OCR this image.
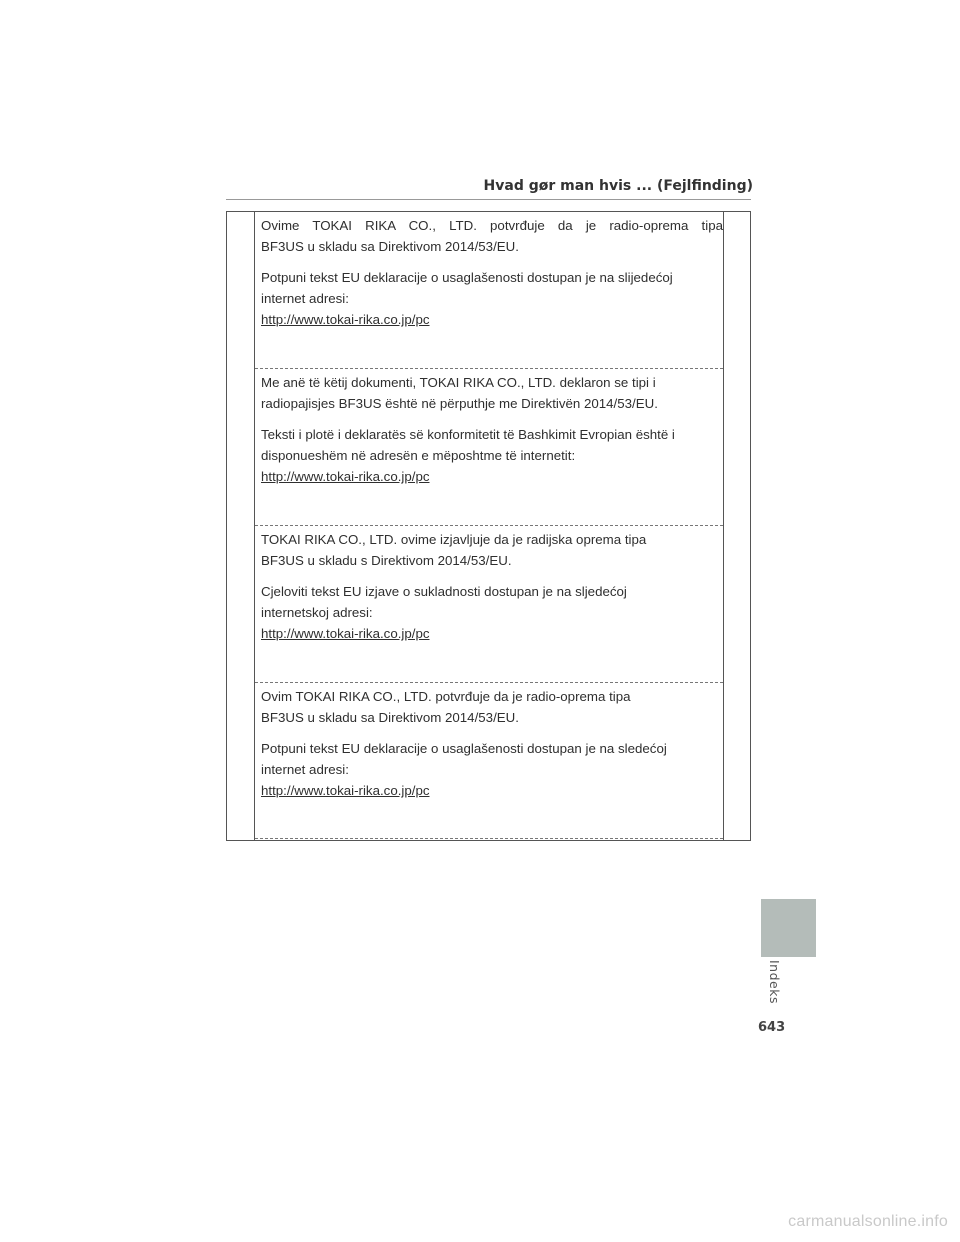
Hvad gør man hvis ... (Fejlfinding)

Ovime TOKAI RIKA CO., LTD. potvrđuje da je radio-oprema tipa
BF3US u skladu sa Direktivom 2014/53/EU.

Potpuni tekst EU deklaracije o usaglašenosti dostupan je na slijedećoj
internet adresi:
http://www.tokai-rika.co.jp/pc

Me anë të këtij dokumenti, TOKAI RIKA CO., LTD. deklaron se tipi i
radiopajisjes BF3US është në përputhje me Direktivën 2014/53/EU.

Teksti i plotë i deklaratës së konformitetit të Bashkimit Evropian është i
disponueshëm në adresën e mëposhtme të internetit:
http://www.tokai-rika.co.jp/pc

TOKAI RIKA CO., LTD. ovime izjavljuje da je radijska oprema tipa
BF3US u skladu s Direktivom 2014/53/EU.

Cjeloviti tekst EU izjave o sukladnosti dostupan je na sljedećoj
internetskoj adresi:
http://www.tokai-rika.co.jp/pc

Ovim TOKAI RIKA CO., LTD. potvrđuje da je radio-oprema tipa
BF3US u skladu sa Direktivom 2014/53/EU.

Potpuni tekst EU deklaracije o usaglašenosti dostupan je na sledećoj
internet adresi:
http://www.tokai-rika.co.jp/pc

Indeks
643
carmanualsonline.info
